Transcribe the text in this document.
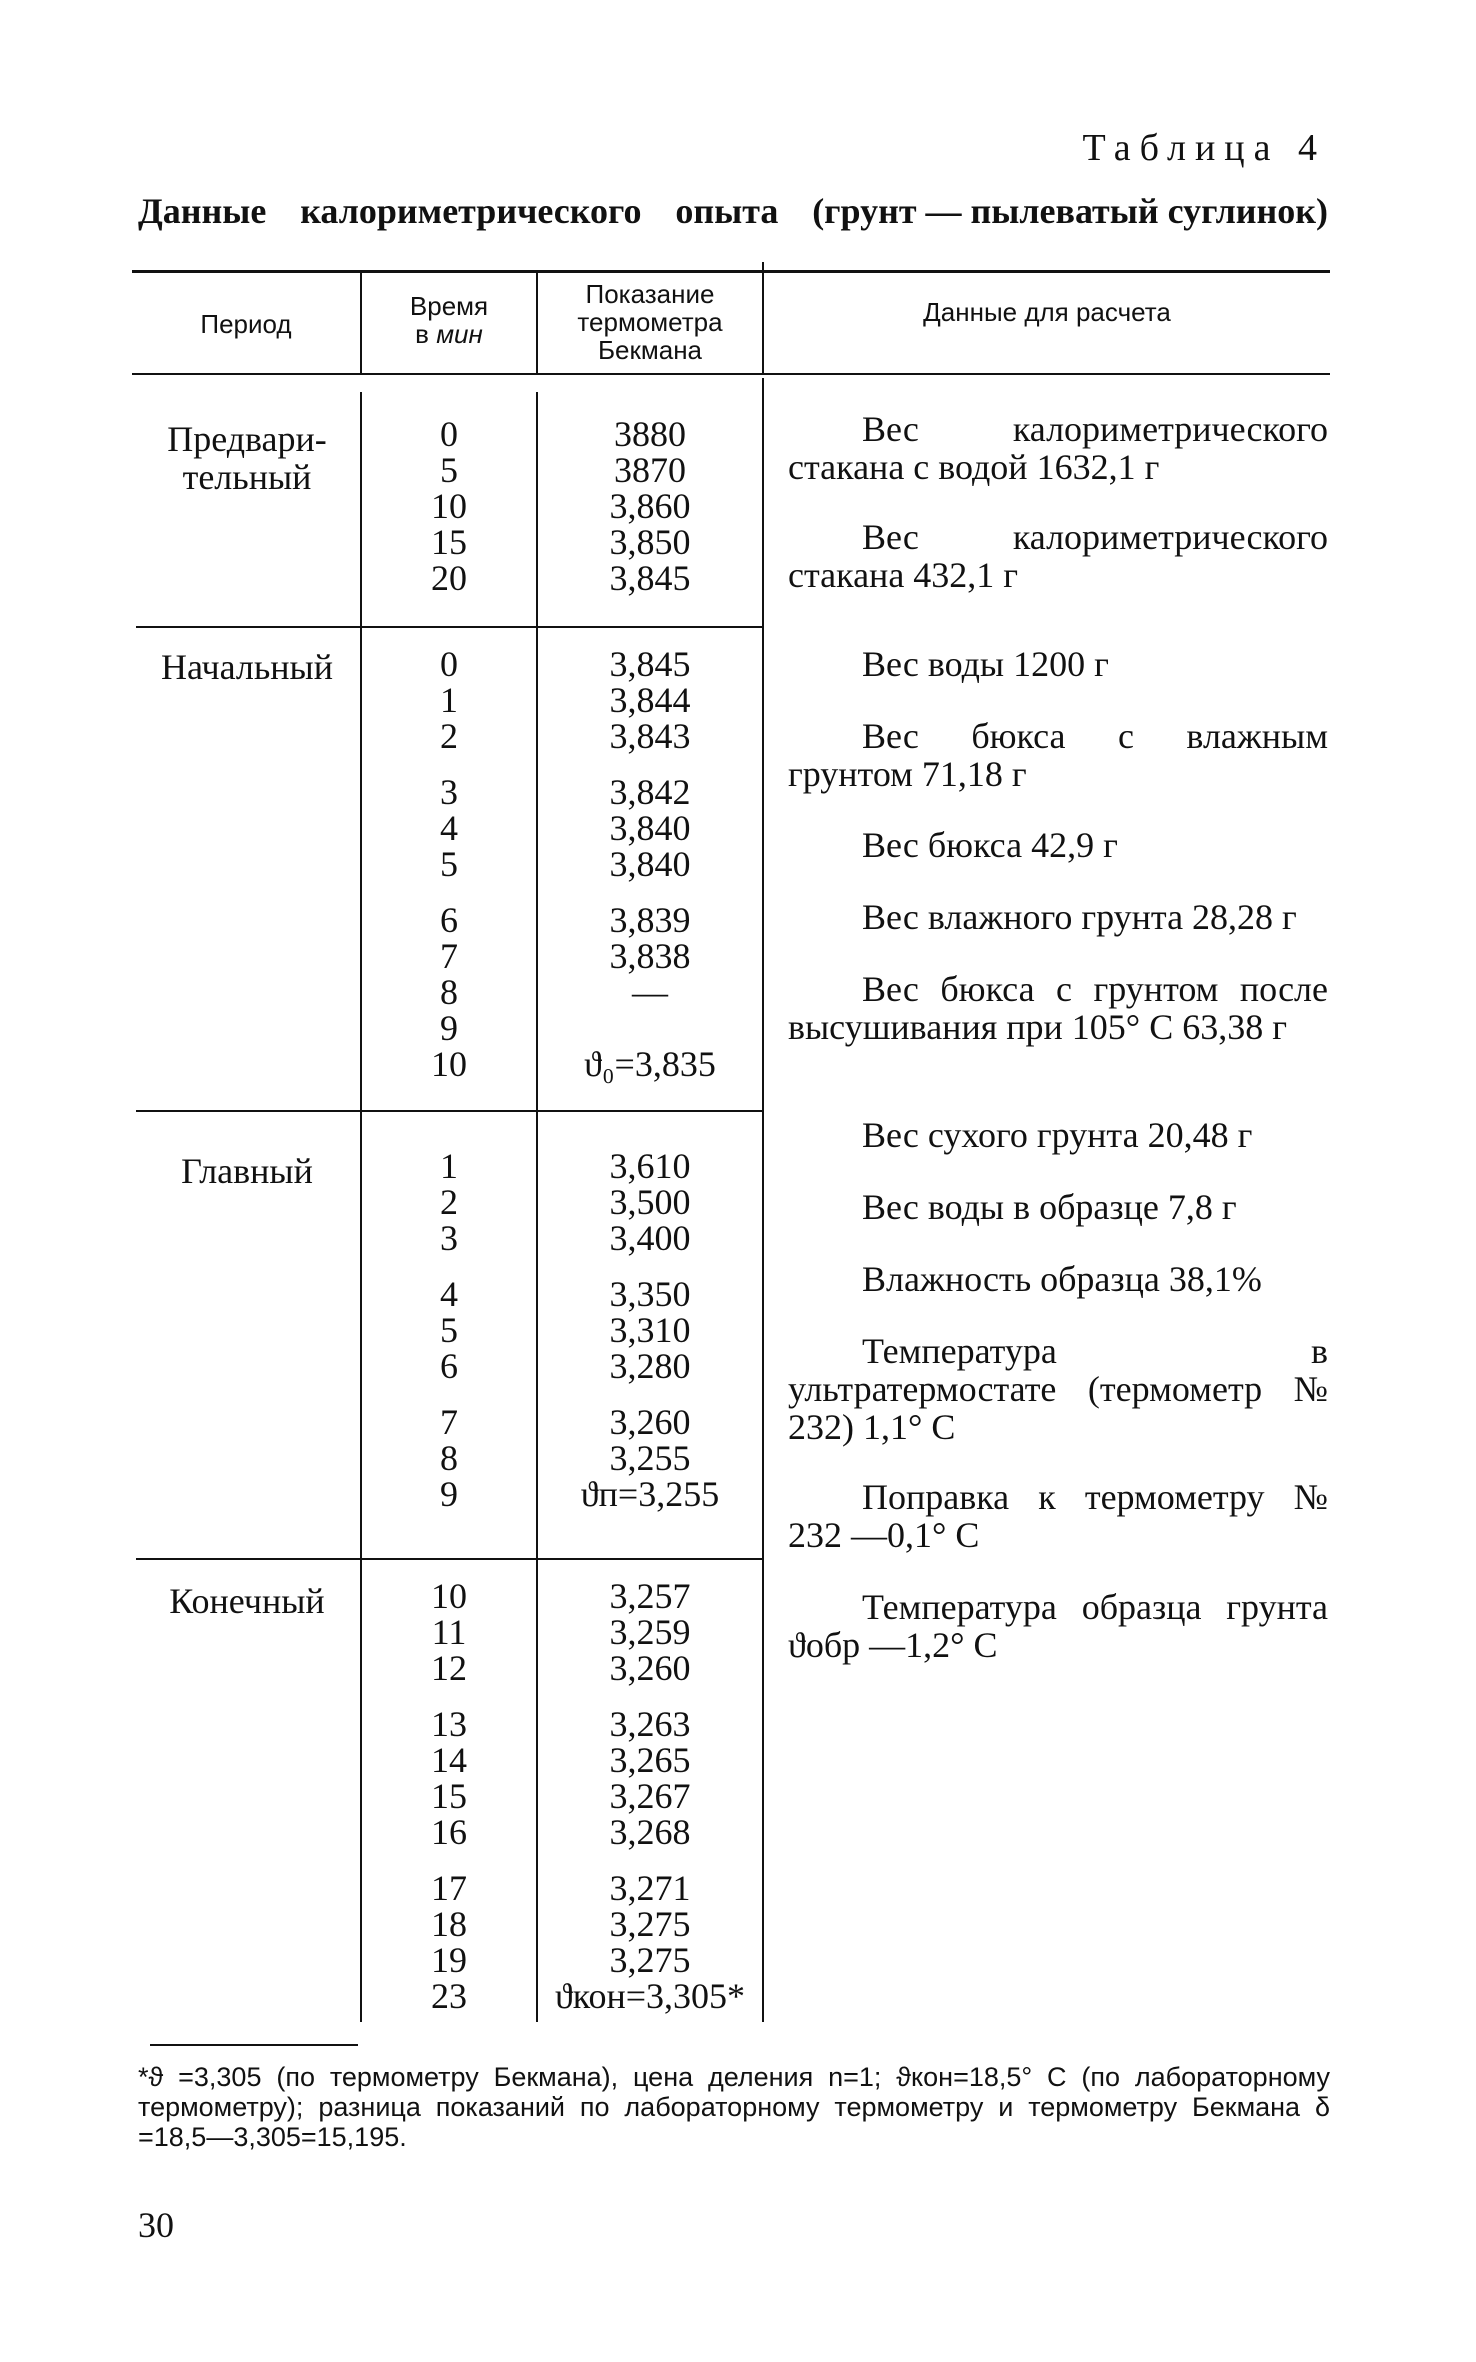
Таблица 4
Данные калориметрического опыта (грунт — пылеватый суглинок)
Период
Время
в мин
Показание
термометра
Бекмана
Данные для расчета
Предвари-
тельный
Начальный
Главный
Конечный
0
5
10
15
20
3880
3870
3,860
3,850
3,845
0
1
2
3
4
5
6
7
8
9
10
3,845
3,844
3,843
3,842
3,840
3,840
3,839
3,838
—
ϑ₀=3,835
1
2
3
4
5
6
7
8
9
3,610
3,500
3,400
3,350
3,310
3,280
3,260
3,255
ϑп=3,255
10
11
12
13
14
15
16
17
18
19
23
3,257
3,259
3,260
3,263
3,265
3,267
3,268
3,271
3,275
3,275
ϑкон=3,305*
Вес калориметрического стакана с водой 1632,1 г
Вес калориметрического стакана 432,1 г
Вес воды 1200 г
Вес бюкса с влажным грунтом 71,18 г
Вес бюкса 42,9 г
Вес влажного грунта 28,28 г
Вес бюкса с грунтом после высушивания при 105° С 63,38 г
Вес сухого грунта 20,48 г
Вес воды в образце 7,8 г
Влажность образца 38,1%
Температура в ультратермостате (термометр № 232) 1,1° С
Поправка к термометру № 232 —0,1° С
Температура образца грунта ϑобр —1,2° С
*ϑ =3,305 (по термометру Бекмана), цена деления n=1; ϑкон=18,5° С (по лабораторному термометру); разница показаний по лабораторному термометру и термометру Бекмана δ =18,5—3,305=15,195.
30
